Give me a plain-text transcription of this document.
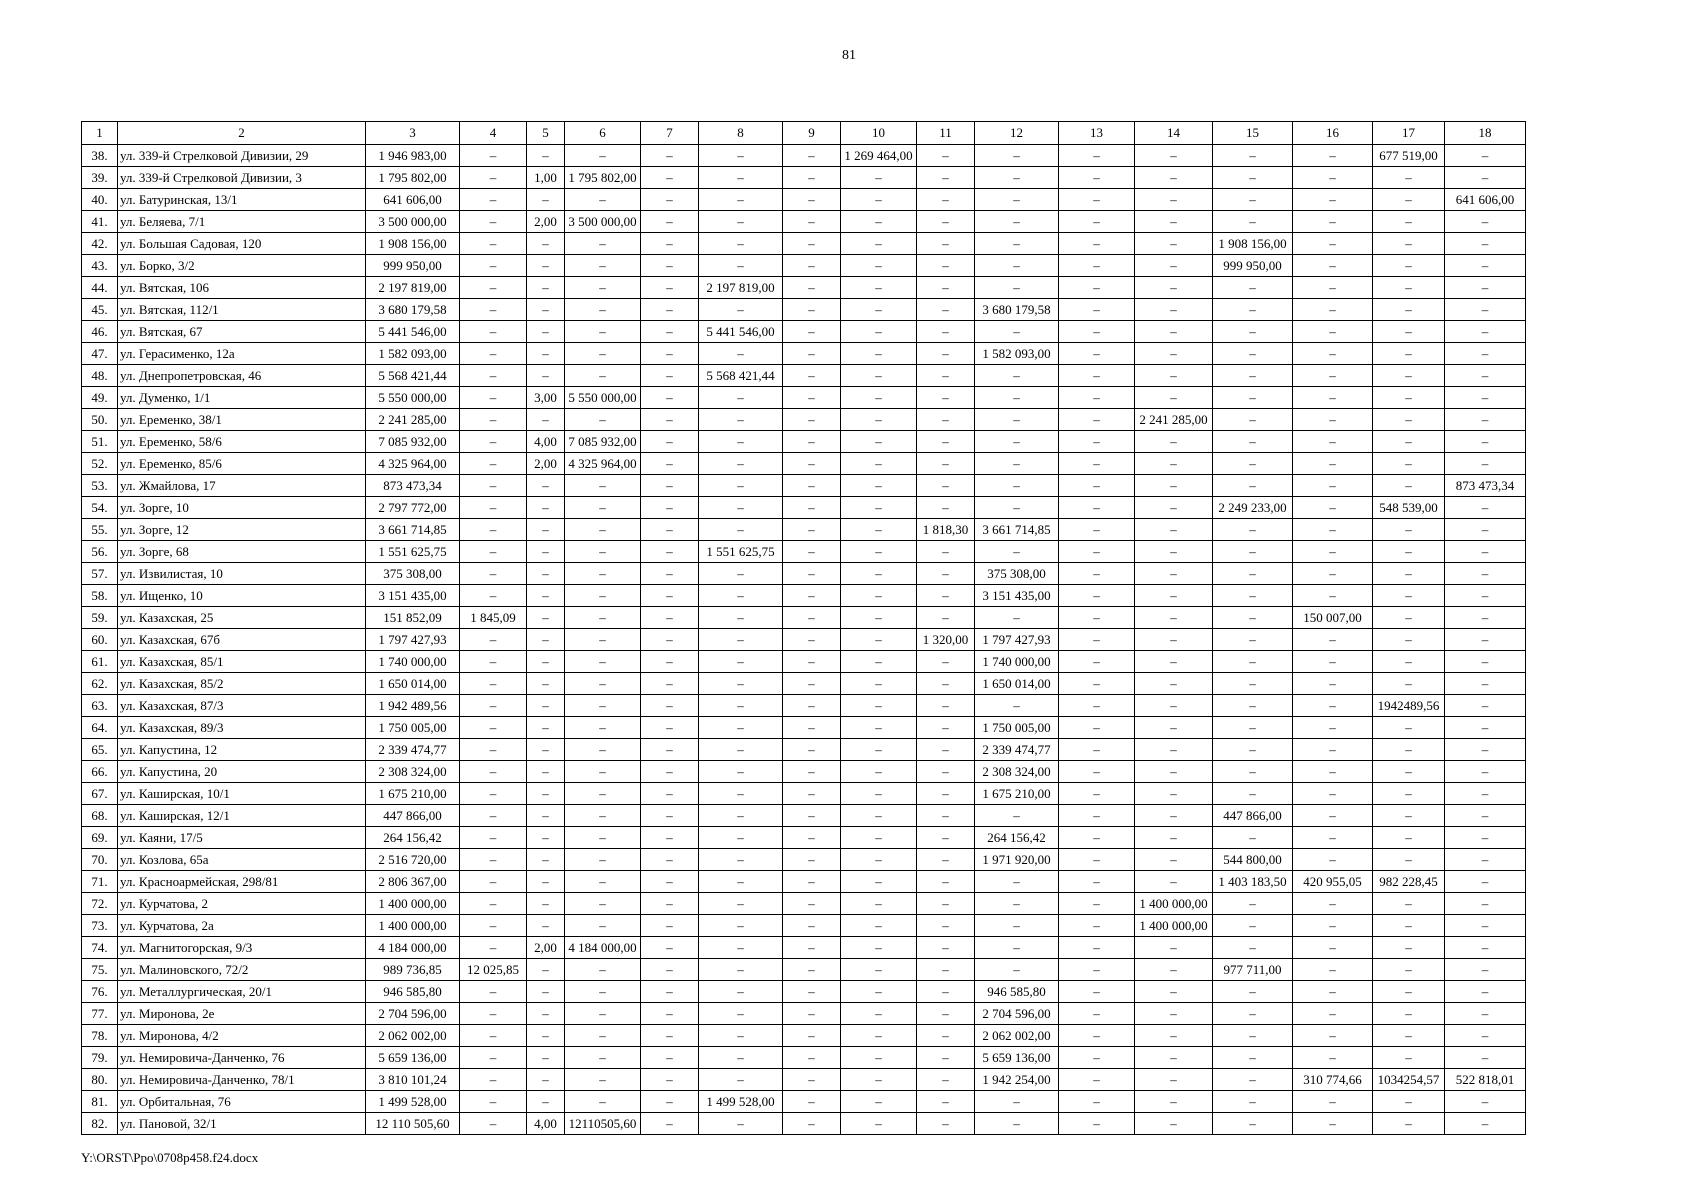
81
1	2	3	4	5	6	7	8	9	10	11	12	13	14	15	16	17	18
38.	ул. 339-й Стрелковой Дивизии, 29	1 946 983,00	–	–	–	–	–	–	1 269 464,00	–	–	–	–	–	–	677 519,00	–
39.	ул. 339-й Стрелковой Дивизии, 3	1 795 802,00	–	1,00	1 795 802,00	–	–	–	–	–	–	–	–	–	–	–	–
40.	ул. Батуринская, 13/1	641 606,00	–	–	–	–	–	–	–	–	–	–	–	–	–	–	641 606,00
41.	ул. Беляева, 7/1	3 500 000,00	–	2,00	3 500 000,00	–	–	–	–	–	–	–	–	–	–	–	–
42.	ул. Большая Садовая, 120	1 908 156,00	–	–	–	–	–	–	–	–	–	–	–	1 908 156,00	–	–	–
43.	ул. Борко, 3/2	999 950,00	–	–	–	–	–	–	–	–	–	–	–	999 950,00	–	–	–
44.	ул. Вятская, 106	2 197 819,00	–	–	–	–	2 197 819,00	–	–	–	–	–	–	–	–	–	–
45.	ул. Вятская, 112/1	3 680 179,58	–	–	–	–	–	–	–	–	3 680 179,58	–	–	–	–	–	–
46.	ул. Вятская, 67	5 441 546,00	–	–	–	–	5 441 546,00	–	–	–	–	–	–	–	–	–	–
47.	ул. Герасименко, 12а	1 582 093,00	–	–	–	–	–	–	–	–	1 582 093,00	–	–	–	–	–	–
48.	ул. Днепропетровская, 46	5 568 421,44	–	–	–	–	5 568 421,44	–	–	–	–	–	–	–	–	–	–
49.	ул. Думенко, 1/1	5 550 000,00	–	3,00	5 550 000,00	–	–	–	–	–	–	–	–	–	–	–	–
50.	ул. Еременко, 38/1	2 241 285,00	–	–	–	–	–	–	–	–	–	–	2 241 285,00	–	–	–	–
51.	ул. Еременко, 58/6	7 085 932,00	–	4,00	7 085 932,00	–	–	–	–	–	–	–	–	–	–	–	–
52.	ул. Еременко, 85/6	4 325 964,00	–	2,00	4 325 964,00	–	–	–	–	–	–	–	–	–	–	–	–
53.	ул. Жмайлова, 17	873 473,34	–	–	–	–	–	–	–	–	–	–	–	–	–	–	873 473,34
54.	ул. Зорге, 10	2 797 772,00	–	–	–	–	–	–	–	–	–	–	–	2 249 233,00	–	548 539,00	–
55.	ул. Зорге, 12	3 661 714,85	–	–	–	–	–	–	–	1 818,30	3 661 714,85	–	–	–	–	–	–
56.	ул. Зорге, 68	1 551 625,75	–	–	–	–	1 551 625,75	–	–	–	–	–	–	–	–	–	–
57.	ул. Извилистая, 10	375 308,00	–	–	–	–	–	–	–	–	375 308,00	–	–	–	–	–	–
58.	ул. Ищенко, 10	3 151 435,00	–	–	–	–	–	–	–	–	3 151 435,00	–	–	–	–	–	–
59.	ул. Казахская, 25	151 852,09	1 845,09	–	–	–	–	–	–	–	–	–	–	–	150 007,00	–	–
60.	ул. Казахская, 67б	1 797 427,93	–	–	–	–	–	–	–	1 320,00	1 797 427,93	–	–	–	–	–	–
61.	ул. Казахская, 85/1	1 740 000,00	–	–	–	–	–	–	–	–	1 740 000,00	–	–	–	–	–	–
62.	ул. Казахская, 85/2	1 650 014,00	–	–	–	–	–	–	–	–	1 650 014,00	–	–	–	–	–	–
63.	ул. Казахская, 87/3	1 942 489,56	–	–	–	–	–	–	–	–	–	–	–	–	–	1942489,56	–
64.	ул. Казахская, 89/3	1 750 005,00	–	–	–	–	–	–	–	–	1 750 005,00	–	–	–	–	–	–
65.	ул. Капустина, 12	2 339 474,77	–	–	–	–	–	–	–	–	2 339 474,77	–	–	–	–	–	–
66.	ул. Капустина, 20	2 308 324,00	–	–	–	–	–	–	–	–	2 308 324,00	–	–	–	–	–	–
67.	ул. Каширская, 10/1	1 675 210,00	–	–	–	–	–	–	–	–	1 675 210,00	–	–	–	–	–	–
68.	ул. Каширская, 12/1	447 866,00	–	–	–	–	–	–	–	–	–	–	–	447 866,00	–	–	–
69.	ул. Каяни, 17/5	264 156,42	–	–	–	–	–	–	–	–	264 156,42	–	–	–	–	–	–
70.	ул. Козлова, 65а	2 516 720,00	–	–	–	–	–	–	–	–	1 971 920,00	–	–	544 800,00	–	–	–
71.	ул. Красноармейская, 298/81	2 806 367,00	–	–	–	–	–	–	–	–	–	–	–	1 403 183,50	420 955,05	982 228,45	–
72.	ул. Курчатова, 2	1 400 000,00	–	–	–	–	–	–	–	–	–	–	1 400 000,00	–	–	–	–
73.	ул. Курчатова, 2а	1 400 000,00	–	–	–	–	–	–	–	–	–	–	1 400 000,00	–	–	–	–
74.	ул. Магнитогорская, 9/3	4 184 000,00	–	2,00	4 184 000,00	–	–	–	–	–	–	–	–	–	–	–	–
75.	ул. Малиновского, 72/2	989 736,85	12 025,85	–	–	–	–	–	–	–	–	–	–	977 711,00	–	–	–
76.	ул. Металлургическая, 20/1	946 585,80	–	–	–	–	–	–	–	–	946 585,80	–	–	–	–	–	–
77.	ул. Миронова, 2е	2 704 596,00	–	–	–	–	–	–	–	–	2 704 596,00	–	–	–	–	–	–
78.	ул. Миронова, 4/2	2 062 002,00	–	–	–	–	–	–	–	–	2 062 002,00	–	–	–	–	–	–
79.	ул. Немировича-Данченко, 76	5 659 136,00	–	–	–	–	–	–	–	–	5 659 136,00	–	–	–	–	–	–
80.	ул. Немировича-Данченко, 78/1	3 810 101,24	–	–	–	–	–	–	–	–	1 942 254,00	–	–	–	310 774,66	1034254,57	522 818,01
81.	ул. Орбитальная, 76	1 499 528,00	–	–	–	–	1 499 528,00	–	–	–	–	–	–	–	–	–	–
82.	ул. Пановой, 32/1	12 110 505,60	–	4,00	12110505,60	–	–	–	–	–	–	–	–	–	–	–	–
Y:\ORST\Ppo\0708p458.f24.docx
